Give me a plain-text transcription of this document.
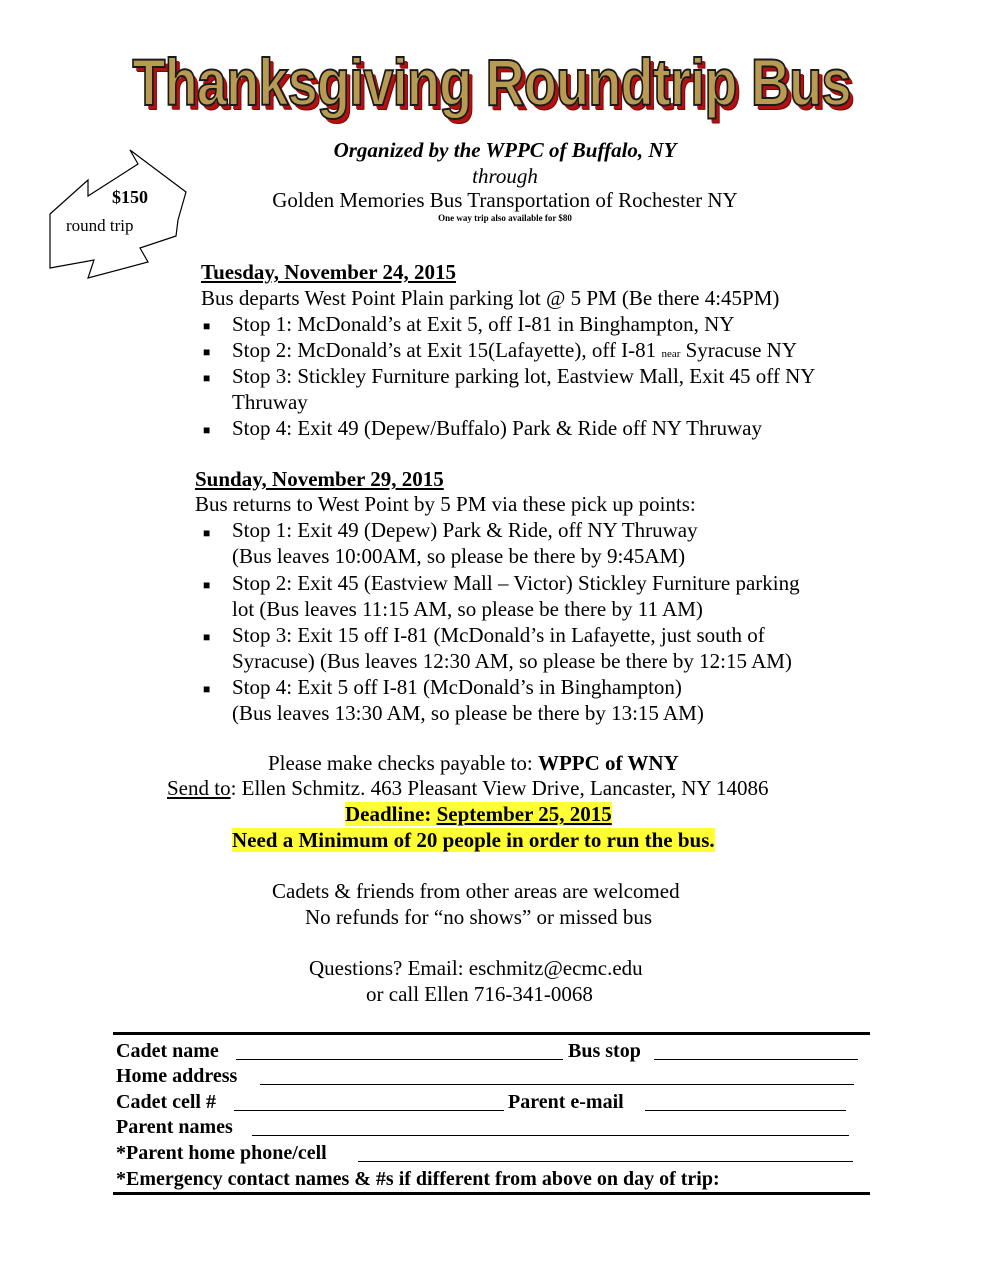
Thanksgiving Roundtrip Bus
Organized by the WPPC of Buffalo, NY
through
Golden Memories Bus Transportation of Rochester NY
One way trip also available for $80
$150
round trip
Tuesday, November 24, 2015
Bus departs West Point Plain parking lot @ 5 PM (Be there 4:45PM)
■ Stop 1: McDonald’s at Exit 5, off I-81 in Binghampton, NY
■ Stop 2: McDonald’s at Exit 15(Lafayette), off I-81 near Syracuse NY
■ Stop 3: Stickley Furniture parking lot, Eastview Mall, Exit 45 off NY
Thruway
■ Stop 4: Exit 49 (Depew/Buffalo) Park & Ride off NY Thruway
Sunday, November 29, 2015
Bus returns to West Point by 5 PM via these pick up points:
■ Stop 1: Exit 49 (Depew) Park & Ride, off NY Thruway
(Bus leaves 10:00AM, so please be there by 9:45AM)
■ Stop 2: Exit 45 (Eastview Mall – Victor) Stickley Furniture parking
lot (Bus leaves 11:15 AM, so please be there by 11 AM)
■ Stop 3: Exit 15 off I-81 (McDonald’s in Lafayette, just south of
Syracuse) (Bus leaves 12:30 AM, so please be there by 12:15 AM)
■ Stop 4: Exit 5 off I-81 (McDonald’s in Binghampton)
(Bus leaves 13:30 AM, so please be there by 13:15 AM)
Please make checks payable to: WPPC of WNY
Send to: Ellen Schmitz. 463 Pleasant View Drive, Lancaster, NY 14086
Deadline: September 25, 2015
Need a Minimum of 20 people in order to run the bus.
Cadets & friends from other areas are welcomed
No refunds for “no shows” or missed bus
Questions? Email: eschmitz@ecmc.edu
or call Ellen 716-341-0068
Cadet name	Bus stop
Home address
Cadet cell #	Parent e-mail
Parent names
*Parent home phone/cell
*Emergency contact names & #s if different from above on day of trip:
